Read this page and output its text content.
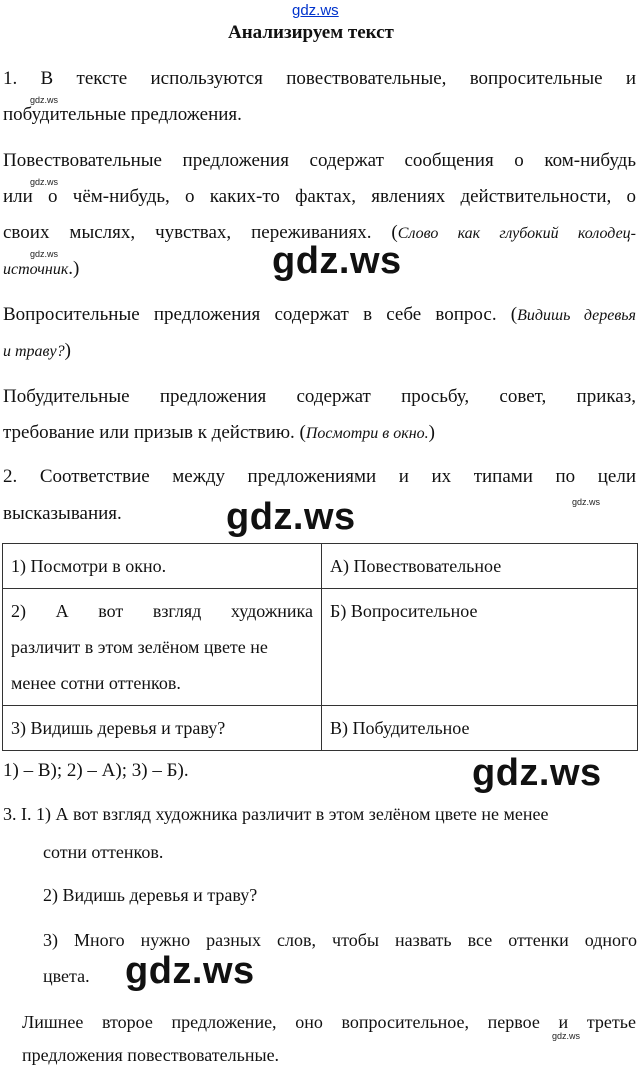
gdz.ws
Анализируем текст
1. В тексте используются повествовательные, вопросительные и
gdz.ws
побудительные предложения.
Повествовательные предложения содержат сообщения о ком-нибудь
gdz.ws
или о чём-нибудь, о каких-то фактах, явлениях действительности, о
своих мыслях, чувствах, переживаниях. (Слово как глубокий колодец-
gdz.ws
источник.)	gdz.ws
Вопросительные предложения содержат в себе вопрос. (Видишь деревья
и траву?)
Побудительные предложения содержат просьбу, совет, приказ,
требование или призыв к действию. (Посмотри в окно.)
2. Соответствие между предложениями и их типами по цели
высказывания.
gdz.ws
gdz.ws
1) Посмотри в окно.	А) Повествовательное

2) А вот взгляд художника
различит в этом зелёном цвете не
менее сотни оттенков.	Б) Вопросительное
3) Видишь деревья и траву?	В) Побудительное
1) – В); 2) – А); 3) – Б).	gdz.ws
3. I. 1) А вот взгляд художника различит в этом зелёном цвете не менее
сотни оттенков.
2) Видишь деревья и траву?
3) Много нужно разных слов, чтобы назвать все оттенки одного
цвета. gdz.ws
Лишнее второе предложение, оно вопросительное, первое и третье
предложения повествовательные.
gdz.ws
